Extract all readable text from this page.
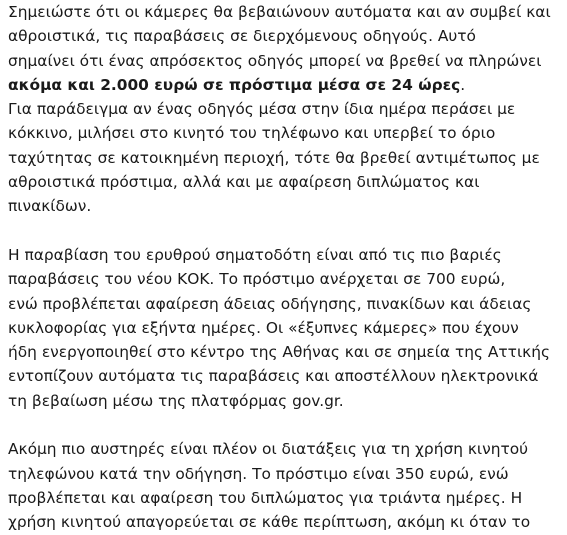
Σημειώστε ότι οι κάμερες θα βεβαιώνουν αυτόματα και αν συμβεί και
αθροιστικά, τις παραβάσεις σε διερχόμενους οδηγούς. Αυτό
σημαίνει ότι ένας απρόσεκτος οδηγός μπορεί να βρεθεί να πληρώνει
ακόμα και 2.000 ευρώ σε πρόστιμα μέσα σε 24 ώρες.
Για παράδειγμα αν ένας οδηγός μέσα στην ίδια ημέρα περάσει με
κόκκινο, μιλήσει στο κινητό του τηλέφωνο και υπερβεί το όριο
ταχύτητας σε κατοικημένη περιοχή, τότε θα βρεθεί αντιμέτωπος με
αθροιστικά πρόστιμα, αλλά και με αφαίρεση διπλώματος και
πινακίδων.

Η παραβίαση του ερυθρού σηματοδότη είναι από τις πιο βαριές
παραβάσεις του νέου ΚΟΚ. Το πρόστιμο ανέρχεται σε 700 ευρώ,
ενώ προβλέπεται αφαίρεση άδειας οδήγησης, πινακίδων και άδειας
κυκλοφορίας για εξήντα ημέρες. Οι «έξυπνες κάμερες» που έχουν
ήδη ενεργοποιηθεί στο κέντρο της Αθήνας και σε σημεία της Αττικής
εντοπίζουν αυτόματα τις παραβάσεις και αποστέλλουν ηλεκτρονικά
τη βεβαίωση μέσω της πλατφόρμας gov.gr.

Ακόμη πιο αυστηρές είναι πλέον οι διατάξεις για τη χρήση κινητού
τηλεφώνου κατά την οδήγηση. Το πρόστιμο είναι 350 ευρώ, ενώ
προβλέπεται και αφαίρεση του διπλώματος για τριάντα ημέρες. Η
χρήση κινητού απαγορεύεται σε κάθε περίπτωση, ακόμη κι όταν το
